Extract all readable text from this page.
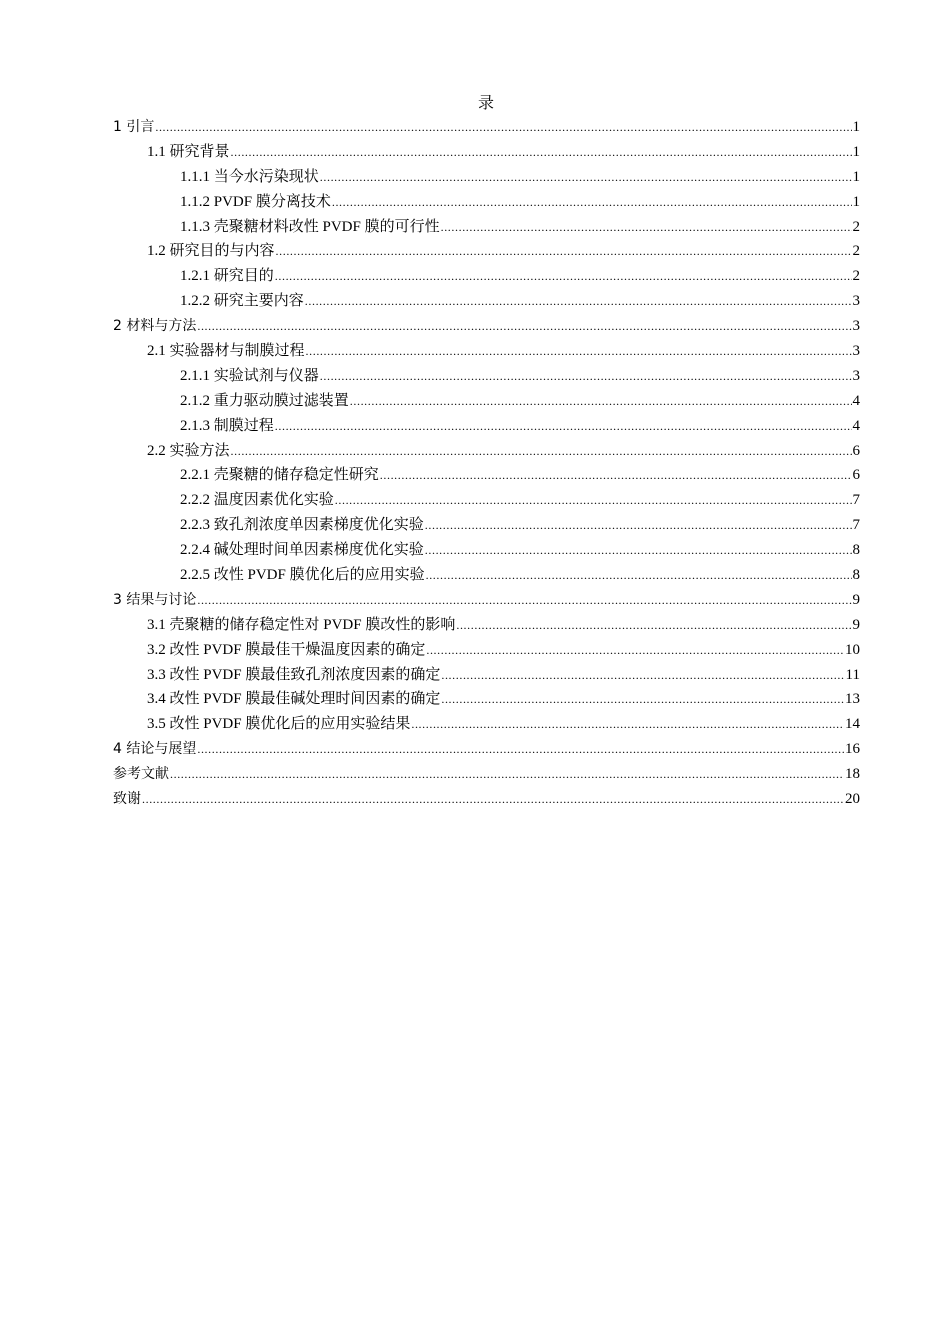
录
1 引言 .....	1
1.1 研究背景 .....	1
1.1.1 当今水污染现状 .....	1
1.1.2 PVDF 膜分离技术 .....	1
1.1.3 壳聚糖材料改性 PVDF 膜的可行性 .....	2
1.2 研究目的与内容 .....	2
1.2.1 研究目的 .....	2
1.2.2 研究主要内容 .....	3
2 材料与方法 .....	3
2.1 实验器材与制膜过程 .....	3
2.1.1 实验试剂与仪器 .....	3
2.1.2 重力驱动膜过滤装置 .....	4
2.1.3 制膜过程 .....	4
2.2 实验方法 .....	6
2.2.1 壳聚糖的储存稳定性研究 .....	6
2.2.2 温度因素优化实验 .....	7
2.2.3 致孔剂浓度单因素梯度优化实验 .....	7
2.2.4 碱处理时间单因素梯度优化实验 .....	8
2.2.5 改性 PVDF 膜优化后的应用实验 .....	8
3 结果与讨论 .....	9
3.1 壳聚糖的储存稳定性对 PVDF 膜改性的影响 .....	9
3.2 改性 PVDF 膜最佳干燥温度因素的确定 .....	10
3.3 改性 PVDF 膜最佳致孔剂浓度因素的确定 .....	11
3.4 改性 PVDF 膜最佳碱处理时间因素的确定 .....	13
3.5 改性 PVDF 膜优化后的应用实验结果 .....	14
4 结论与展望 .....	16
参考文献 .....	18
致谢 .....	20
